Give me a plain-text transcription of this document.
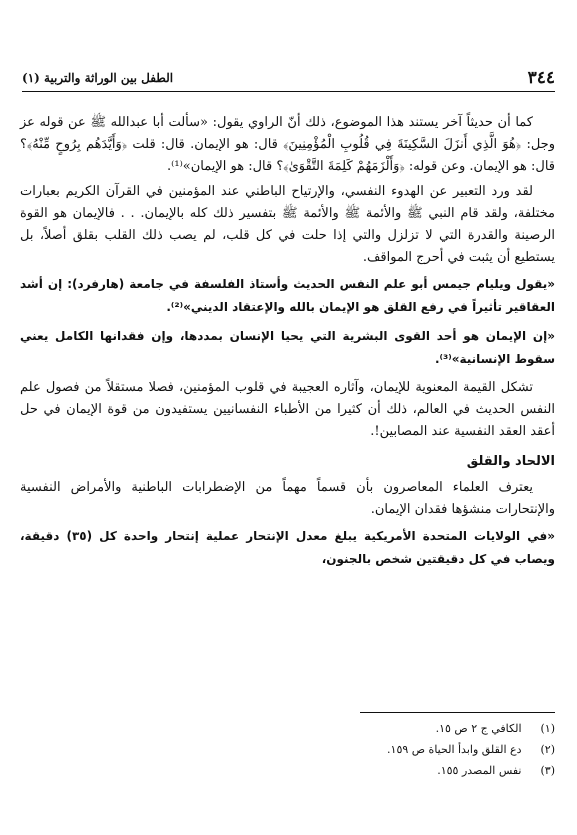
٣٤٤
الطفل بين الوراثة والتربية (١)

كما أن حديثاً آخر يستند هذا الموضوع، ذلك أنّ الراوي يقول: «سألت أبا عبدالله ﷺ عن قوله عز وجل: ﴿هُوَ الَّذِي أَنزَلَ السَّكِينَةَ فِي قُلُوبِ الْمُؤْمِنِينَ﴾ قال: هو الإيمان. قال: قلت ﴿وَأَيَّدَهُم بِرُوحٍ مِّنْهُ﴾؟ قال: هو الإيمان. وعن قوله: ﴿وَأَلْزَمَهُمْ كَلِمَةَ التَّقْوَىٰ﴾؟ قال: هو الإيمان»⁽¹⁾.

لقد ورد التعبير عن الهدوء النفسي، والإرتياح الباطني عند المؤمنين في القرآن الكريم بعبارات مختلفة، ولقد قام النبي ﷺ والأئمة ﷺ والأئمة ﷺ بتفسير ذلك كله بالإيمان. . . فالإيمان هو القوة الرصينة والقدرة التي لا تزلزل والتي إذا حلت في كل قلب، لم يصب ذلك القلب بقلق أصلاً، بل يستطيع أن يثبت في أحرج المواقف.

«يقول ويليام جيمس أبو علم النفس الحديث وأستاذ الفلسفة في جامعة (هارفرد): إن أشد العقاقير تأثيراً في رفع القلق هو الإيمان بالله والإعتقاد الديني»⁽²⁾.

«إن الإيمان هو أحد القوى البشرية التي يحيا الإنسان بمددها، وإن فقدانها الكامل يعني سقوط الإنسانية»⁽³⁾.

تشكل القيمة المعنوية للإيمان، وآثاره العجيبة في قلوب المؤمنين، فصلا مستقلاً من فصول علم النفس الحديث في العالم، ذلك أن كثيرا من الأطباء النفسانيين يستفيدون من قوة الإيمان في حل أعقد العقد النفسية عند المصابين!.

الالحاد والقلق

يعترف العلماء المعاصرون بأن قسماً مهماً من الإضطرابات الباطنية والأمراض النفسية والإنتحارات منشؤها فقدان الإيمان.

«في الولايات المتحدة الأمريكية يبلغ معدل الإنتحار عملية إنتحار واحدة كل (٣٥) دقيقة، ويصاب في كل دقيقتين شخص بالجنون،

(١) الكافي ج ٢ ص ١٥.

(٢) دع القلق وابدأ الحياة ص ١٥٩.

(٣) نفس المصدر ١٥٥.
